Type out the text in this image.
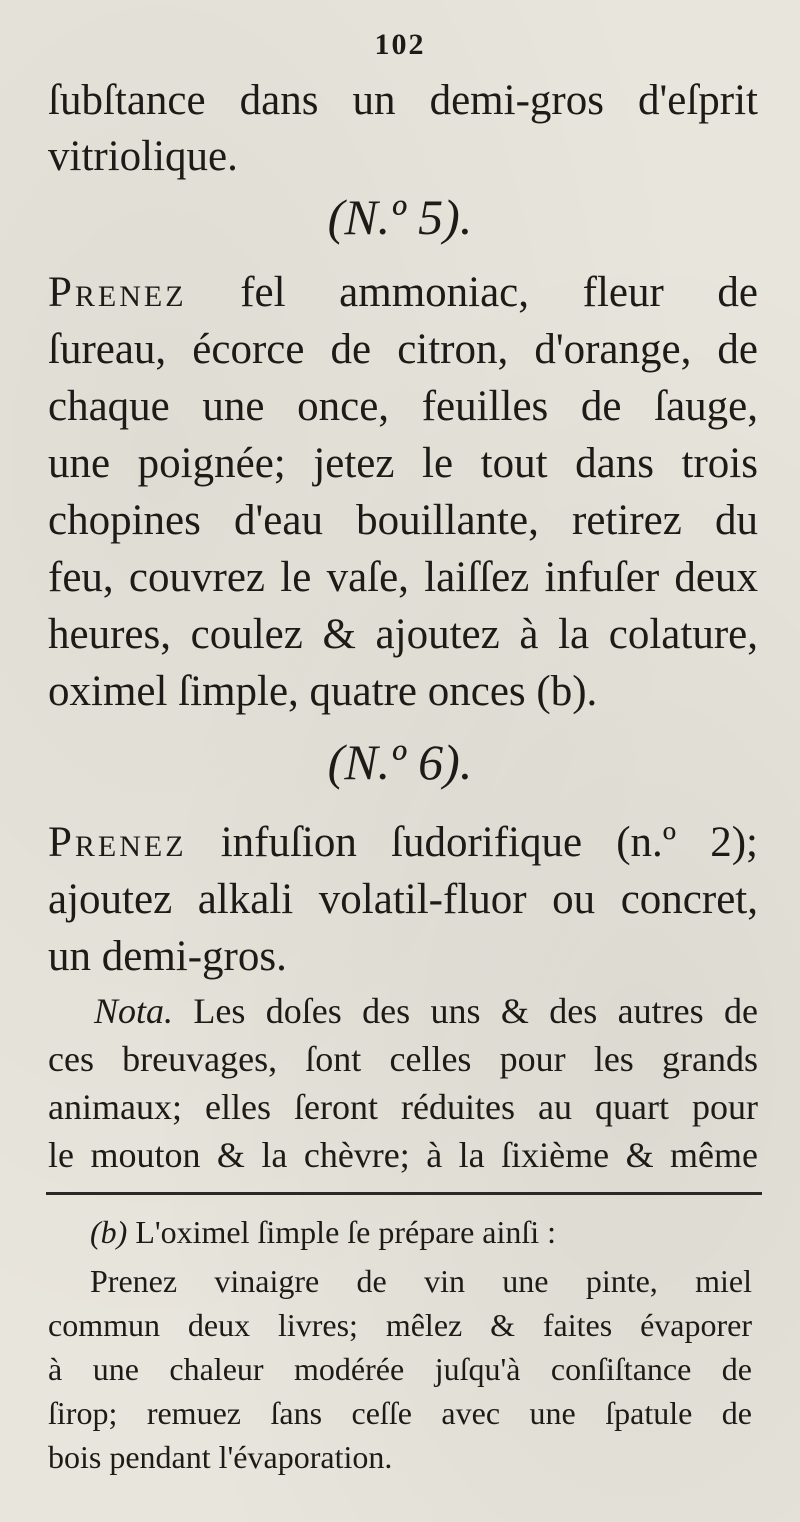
102
ſubſtance dans un demi-gros d'eſprit
vitriolique.
(N.º 5).
Prenez fel ammoniac, fleur de
ſureau, écorce de citron, d'orange, de
chaque une once, feuilles de ſauge,
une poignée; jetez le tout dans trois
chopines d'eau bouillante, retirez du
feu, couvrez le vaſe, laiſſez infuſer deux
heures, coulez & ajoutez à la colature,
oximel ſimple, quatre onces (b).
(N.º 6).
Prenez infuſion ſudorifique (n.º 2);
ajoutez alkali volatil-fluor ou concret,
un demi-gros.
Nota. Les doſes des uns & des autres de
ces breuvages, ſont celles pour les grands
animaux; elles ſeront réduites au quart pour
le mouton & la chèvre; à la ſixième & même
(b) L'oximel ſimple ſe prépare ainſi :
Prenez vinaigre de vin une pinte, miel
commun deux livres; mêlez & faites évaporer
à une chaleur modérée juſqu'à conſiſtance de
ſirop; remuez ſans ceſſe avec une ſpatule de
bois pendant l'évaporation.
